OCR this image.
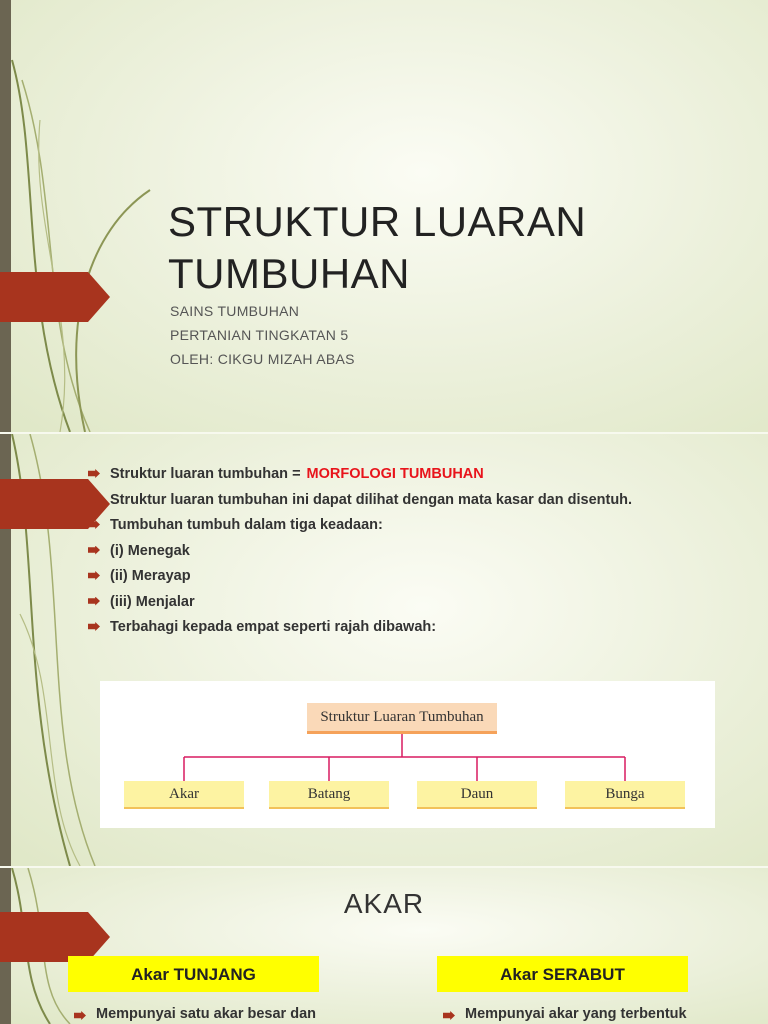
STRUKTUR LUARAN
TUMBUHAN
SAINS TUMBUHAN
PERTANIAN TINGKATAN 5
OLEH: CIKGU MIZAH ABAS
Struktur luaran tumbuhan = MORFOLOGI TUMBUHAN
Struktur luaran tumbuhan ini dapat dilihat dengan mata kasar dan disentuh.
Tumbuhan tumbuh dalam tiga keadaan:
(i) Menegak
(ii) Merayap
(iii) Menjalar
Terbahagi kepada empat seperti rajah dibawah:
Struktur Luaran Tumbuhan
Akar	Batang	Daun	Bunga
AKAR
Akar TUNJANG	Akar SERABUT
Mempunyai satu akar besar dan	Mempunyai akar yang terbentuk
